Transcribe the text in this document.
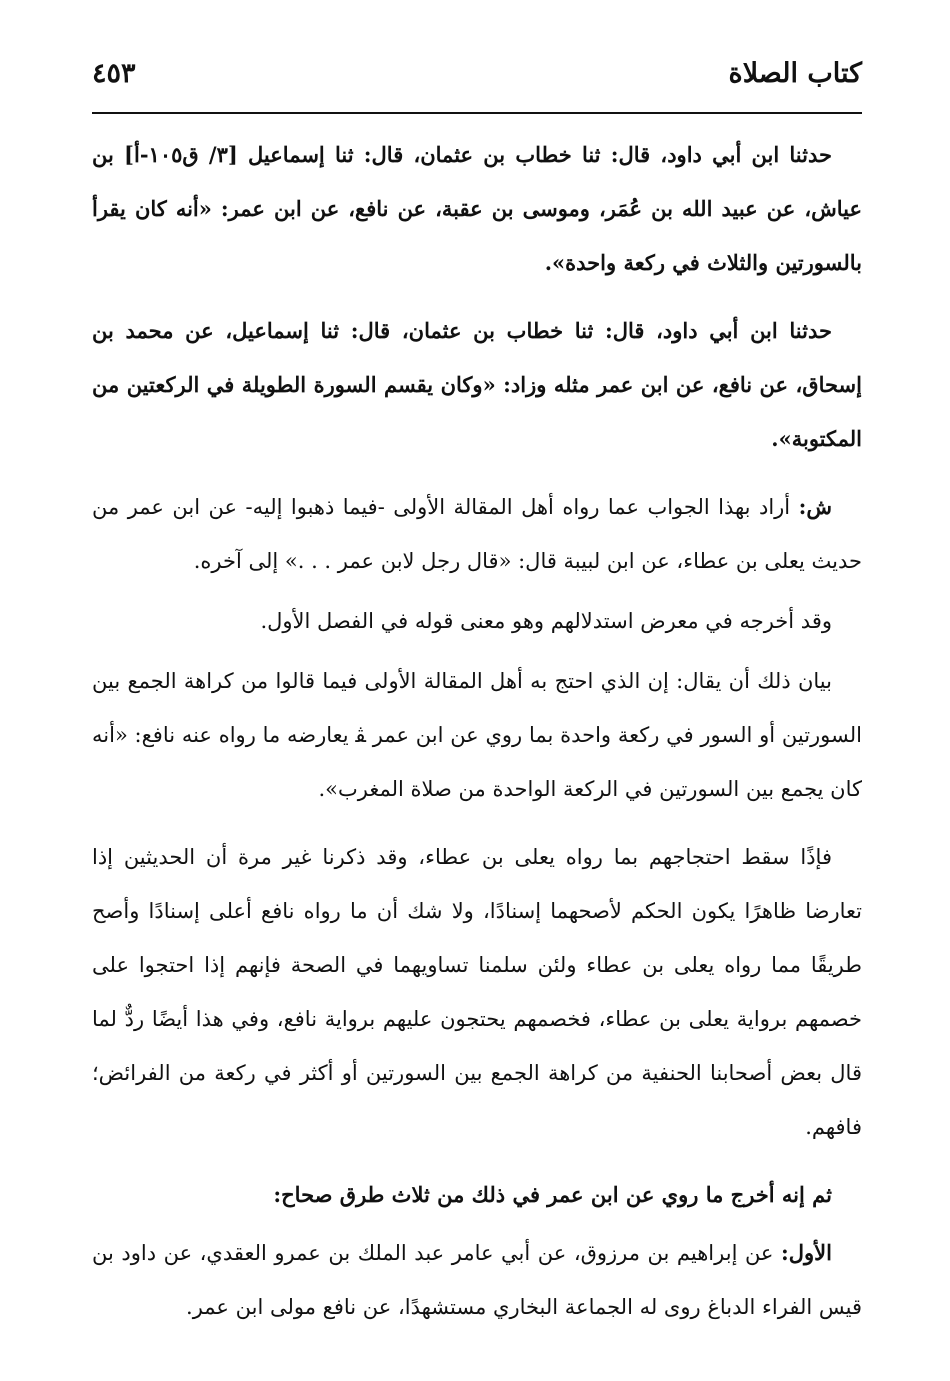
كتاب الصلاة
٤٥٣

حدثنا ابن أبي داود، قال: ثنا خطاب بن عثمان، قال: ثنا إسماعيل [٣/ ق١٠٥-أ] بن عياش، عن عبيد الله بن عُمَر، وموسى بن عقبة، عن نافع، عن ابن عمر: «أنه كان يقرأ بالسورتين والثلاث في ركعة واحدة».

حدثنا ابن أبي داود، قال: ثنا خطاب بن عثمان، قال: ثنا إسماعيل، عن محمد بن إسحاق، عن نافع، عن ابن عمر مثله وزاد: «وكان يقسم السورة الطويلة في الركعتين من المكتوبة».

ش: أراد بهذا الجواب عما رواه أهل المقالة الأولى -فيما ذهبوا إليه- عن ابن عمر من حديث يعلى بن عطاء، عن ابن لبيبة قال: «قال رجل لابن عمر . . .» إلى آخره.

وقد أخرجه في معرض استدلالهم وهو معنى قوله في الفصل الأول.

بيان ذلك أن يقال: إن الذي احتج به أهل المقالة الأولى فيما قالوا من كراهة الجمع بين السورتين أو السور في ركعة واحدة بما روي عن ابن عمر ﭭ يعارضه ما رواه عنه نافع: «أنه كان يجمع بين السورتين في الركعة الواحدة من صلاة المغرب».

فإذًا سقط احتجاجهم بما رواه يعلى بن عطاء، وقد ذكرنا غير مرة أن الحديثين إذا تعارضا ظاهرًا يكون الحكم لأصحهما إسنادًا، ولا شك أن ما رواه نافع أعلى إسنادًا وأصح طريقًا مما رواه يعلى بن عطاء ولئن سلمنا تساويهما في الصحة فإنهم إذا احتجوا على خصمهم برواية يعلى بن عطاء، فخصمهم يحتجون عليهم برواية نافع، وفي هذا أيضًا ردٌّ لما قال بعض أصحابنا الحنفية من كراهة الجمع بين السورتين أو أكثر في ركعة من الفرائض؛ فافهم.

ثم إنه أخرج ما روي عن ابن عمر في ذلك من ثلاث طرق صحاح:

الأول: عن إبراهيم بن مرزوق، عن أبي عامر عبد الملك بن عمرو العقدي، عن داود بن قيس الفراء الدباغ روى له الجماعة البخاري مستشهدًا، عن نافع مولى ابن عمر.
